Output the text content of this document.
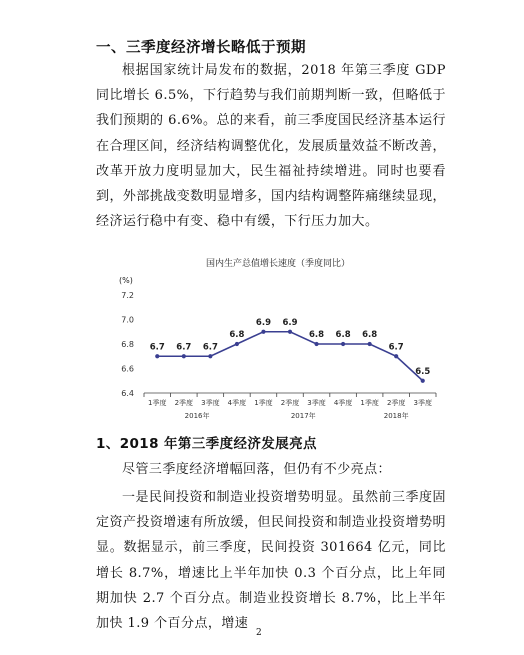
一、三季度经济增长略低于预期

根据国家统计局发布的数据，2018 年第三季度 GDP 同比增长 6.5%，下行趋势与我们前期判断一致，但略低于我们预期的 6.6%。总的来看，前三季度国民经济基本运行在合理区间，经济结构调整优化，发展质量效益不断改善，改革开放力度明显加大，民生福祉持续增进。同时也要看到，外部挑战变数明显增多，国内结构调整阵痛继续显现，经济运行稳中有变、稳中有缓，下行压力加大。

国内生产总值增长速度（季度同比）
(%)
7.2
7.0
6.8
6.6
6.4
1季度 2季度 3季度 4季度 1季度 2季度 3季度 4季度 1季度 2季度 3季度
2016年	2017年	2018年
6.7 6.7 6.7
6.8
6.9 6.9
6.8 6.8 6.8
6.7
6.5
1、2018 年第三季度经济发展亮点

尽管三季度经济增幅回落，但仍有不少亮点：

一是民间投资和制造业投资增势明显。虽然前三季度固定资产投资增速有所放缓，但民间投资和制造业投资增势明显。数据显示，前三季度，民间投资 301664 亿元，同比增长 8.7%，增速比上半年加快 0.3 个百分点，比上年同期加快 2.7 个百分点。制造业投资增长 8.7%，比上半年加快 1.9 个百分点，增速

2
